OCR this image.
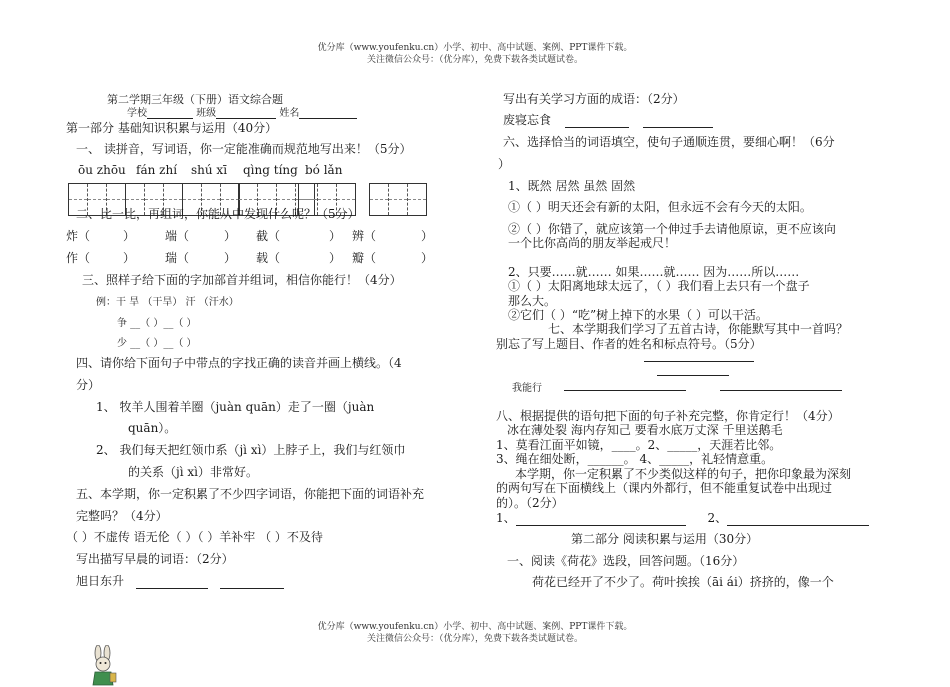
优分库（www.youfenku.cn）小学、初中、高中试题、案例、PPT课件下载。
关注微信公众号：（优分库），免费下载各类试题试卷。
第二学期三年级（下册）语文综合题
学校	班级	姓名
第一部分 基础知识积累与运用（40分）
一、 读拼音，写词语，你一定能准确而规范地写出来！（5分）
ōu zhōu fán zhí shú xī qìng tíng bó lǎn
二、比一比，再组词，你能从中发现什么呢？（5分）
炸（	） 端（	） 截（	） 辨（	）
作（	） 瑞（	） 载（	） 瓣（	）
三、照样子给下面的字加部首并组词，相信你能行！（4分）
例：干 旱 （干旱） 汗 （汗水）
争 __（ ）__（ ）
少 __（ ）__（ ）
四、请你给下面句子中带点的字找正确的读音并画上横线。（4
分）
1、 牧羊人围着羊圈（juàn quān）走了一圈（juàn
quān）。
2、 我们每天把红领巾系（jì xì）上脖子上，我们与红领巾
的关系（jì xì）非常好。
五、本学期，你一定积累了不少四字词语，你能把下面的词语补充
完整吗？（4分）
（ ）不虚传 语无伦（ ）（ ）羊补牢 （ ）不及待
写出描写早晨的词语：（2分）
旭日东升
写出有关学习方面的成语：（2分）
废寝忘食
六、选择恰当的词语填空，使句子通顺连贯，要细心啊！（6分
）
1、既然 居然 虽然 固然
①（ ）明天还会有新的太阳，但永远不会有今天的太阳。
②（ ）你错了，就应该第一个伸过手去请他原谅，更不应该向
一个比你高尚的朋友举起戒尺！
2、只要……就…… 如果……就…… 因为……所以……
①（ ）太阳离地球太远了，（ ）我们看上去只有一个盘子
那么大。
②它们（ ）“吃”树上掉下的水果（ ）可以干活。
七、本学期我们学习了五首古诗，你能默写其中一首吗？
别忘了写上题目、作者的姓名和标点符号。（5分）
我能行
八、根据提供的语句把下面的句子补充完整，你肯定行！（4分）
冰在薄处裂 海内存知己 要看水底万丈深 千里送鹅毛
1、莫看江面平如镜，____。2、_____，天涯若比邻。
3、绳在细处断，______。 4、_____，礼轻情意重。
本学期，你一定积累了不少类似这样的句子，把你印象最为深刻
的两句写在下面横线上（课内外都行，但不能重复试卷中出现过
的）。（2分）
1、	2、
第二部分 阅读积累与运用（30分）
一、阅读《荷花》选段，回答问题。（16分）
荷花已经开了不少了。荷叶挨挨（āi ái）挤挤的，像一个
优分库（www.youfenku.cn）小学、初中、高中试题、案例、PPT课件下载。
关注微信公众号：（优分库），免费下载各类试题试卷。
